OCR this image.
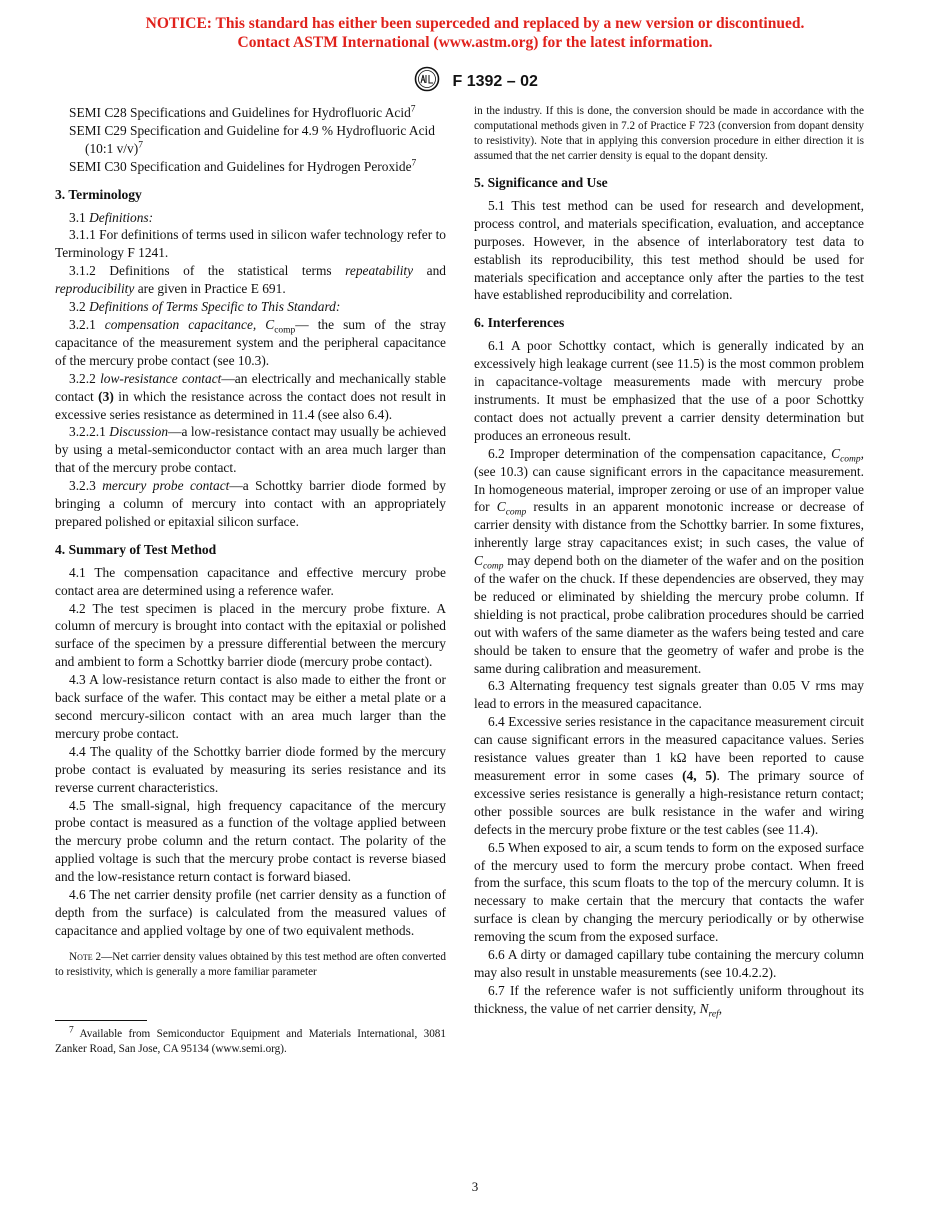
NOTICE: This standard has either been superceded and replaced by a new version or discontinued.
Contact ASTM International (www.astm.org) for the latest information.
F 1392 – 02

SEMI C28 Specifications and Guidelines for Hydrofluoric Acid$^7$

SEMI C29 Specification and Guideline for 4.9 % Hydrofluoric Acid (10:1 v/v)$^7$

SEMI C30 Specification and Guidelines for Hydrogen Peroxide$^7$

3. Terminology

3.1 Definitions:

3.1.1 For definitions of terms used in silicon wafer technology refer to Terminology F 1241.

3.1.2 Definitions of the statistical terms repeatability and reproducibility are given in Practice E 691.

3.2 Definitions of Terms Specific to This Standard:

3.2.1 compensation capacitance, $C_{comp}—$ the sum of the stray capacitance of the measurement system and the peripheral capacitance of the mercury probe contact (see 10.3).

3.2.2 low-resistance contact—an electrically and mechanically stable contact (3) in which the resistance across the contact does not result in excessive series resistance as determined in 11.4 (see also 6.4).

3.2.2.1 Discussion—a low-resistance contact may usually be achieved by using a metal-semiconductor contact with an area much larger than that of the mercury probe contact.

3.2.3 mercury probe contact—a Schottky barrier diode formed by bringing a column of mercury into contact with an appropriately prepared polished or epitaxial silicon surface.

4. Summary of Test Method

4.1 The compensation capacitance and effective mercury probe contact area are determined using a reference wafer.

4.2 The test specimen is placed in the mercury probe fixture. A column of mercury is brought into contact with the epitaxial or polished surface of the specimen by a pressure differential between the mercury and ambient to form a Schottky barrier diode (mercury probe contact).

4.3 A low-resistance return contact is also made to either the front or back surface of the wafer. This contact may be either a metal plate or a second mercury-silicon contact with an area much larger than the mercury probe contact.

4.4 The quality of the Schottky barrier diode formed by the mercury probe contact is evaluated by measuring its series resistance and its reverse current characteristics.

4.5 The small-signal, high frequency capacitance of the mercury probe contact is measured as a function of the voltage applied between the mercury probe column and the return contact. The polarity of the applied voltage is such that the mercury probe contact is reverse biased and the low-resistance return contact is forward biased.

4.6 The net carrier density profile (net carrier density as a function of depth from the surface) is calculated from the measured values of capacitance and applied voltage by one of two equivalent methods.

Note 2—Net carrier density values obtained by this test method are often converted to resistivity, which is generally a more familiar parameter

$^7$ Available from Semiconductor Equipment and Materials International, 3081 Zanker Road, San Jose, CA 95134 (www.semi.org).

in the industry. If this is done, the conversion should be made in accordance with the computational methods given in 7.2 of Practice F 723 (conversion from dopant density to resistivity). Note that in applying this conversion procedure in either direction it is assumed that the net carrier density is equal to the dopant density.

5. Significance and Use

5.1 This test method can be used for research and development, process control, and materials specification, evaluation, and acceptance purposes. However, in the absence of interlaboratory test data to establish its reproducibility, this test method should be used for materials specification and acceptance only after the parties to the test have established reproducibility and correlation.

6. Interferences

6.1 A poor Schottky contact, which is generally indicated by an excessively high leakage current (see 11.5) is the most common problem in capacitance-voltage measurements made with mercury probe instruments. It must be emphasized that the use of a poor Schottky contact does not actually prevent a carrier density determination but produces an erroneous result.

6.2 Improper determination of the compensation capacitance, $C_{comp}$, (see 10.3) can cause significant errors in the capacitance measurement. In homogeneous material, improper zeroing or use of an improper value for $C_{comp}$ results in an apparent monotonic increase or decrease of carrier density with distance from the Schottky barrier. In some fixtures, inherently large stray capacitances exist; in such cases, the value of $C_{comp}$ may depend both on the diameter of the wafer and on the position of the wafer on the chuck. If these dependencies are observed, they may be reduced or eliminated by shielding the mercury probe column. If shielding is not practical, probe calibration procedures should be carried out with wafers of the same diameter as the wafers being tested and care should be taken to ensure that the geometry of wafer and probe is the same during calibration and measurement.

6.3 Alternating frequency test signals greater than 0.05 V rms may lead to errors in the measured capacitance.

6.4 Excessive series resistance in the capacitance measurement circuit can cause significant errors in the measured capacitance values. Series resistance values greater than 1 kΩ have been reported to cause measurement error in some cases (4, 5). The primary source of excessive series resistance is generally a high-resistance return contact; other possible sources are bulk resistance in the wafer and wiring defects in the mercury probe fixture or the test cables (see 11.4).

6.5 When exposed to air, a scum tends to form on the exposed surface of the mercury used to form the mercury probe contact. When freed from the surface, this scum floats to the top of the mercury column. It is necessary to make certain that the mercury that contacts the wafer surface is clean by changing the mercury periodically or by otherwise removing the scum from the exposed surface.

6.6 A dirty or damaged capillary tube containing the mercury column may also result in unstable measurements (see 10.4.2.2).

6.7 If the reference wafer is not sufficiently uniform throughout its thickness, the value of net carrier density, $N_{ref}$,

3
